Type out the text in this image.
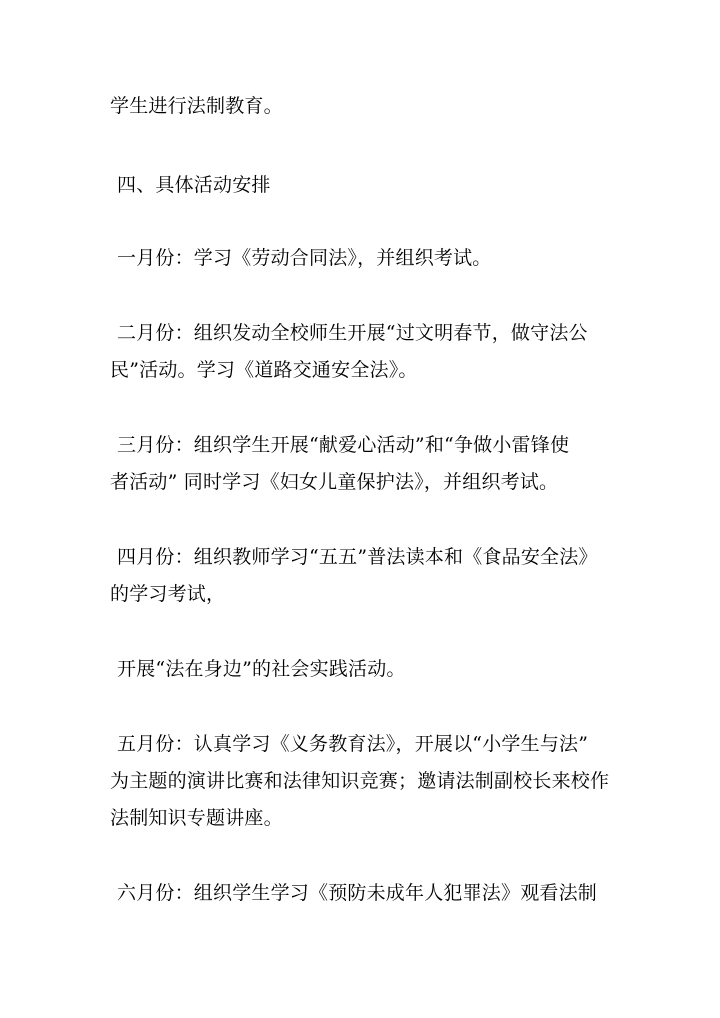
学生进行法制教育。
四、具体活动安排
一月份：学习《劳动合同法》，并组织考试。
二月份：组织发动全校师生开展“过文明春节，做守法公
民”活动。学习《道路交通安全法》。
三月份：组织学生开展“献爱心活动”和“争做小雷锋使
者活动” 同时学习《妇女儿童保护法》，并组织考试。
四月份：组织教师学习“五五”普法读本和《食品安全法》
的学习考试，
开展“法在身边”的社会实践活动。
五月份：认真学习《义务教育法》，开展以“小学生与法”
为主题的演讲比赛和法律知识竞赛；邀请法制副校长来校作
法制知识专题讲座。
六月份：组织学生学习《预防未成年人犯罪法》观看法制
